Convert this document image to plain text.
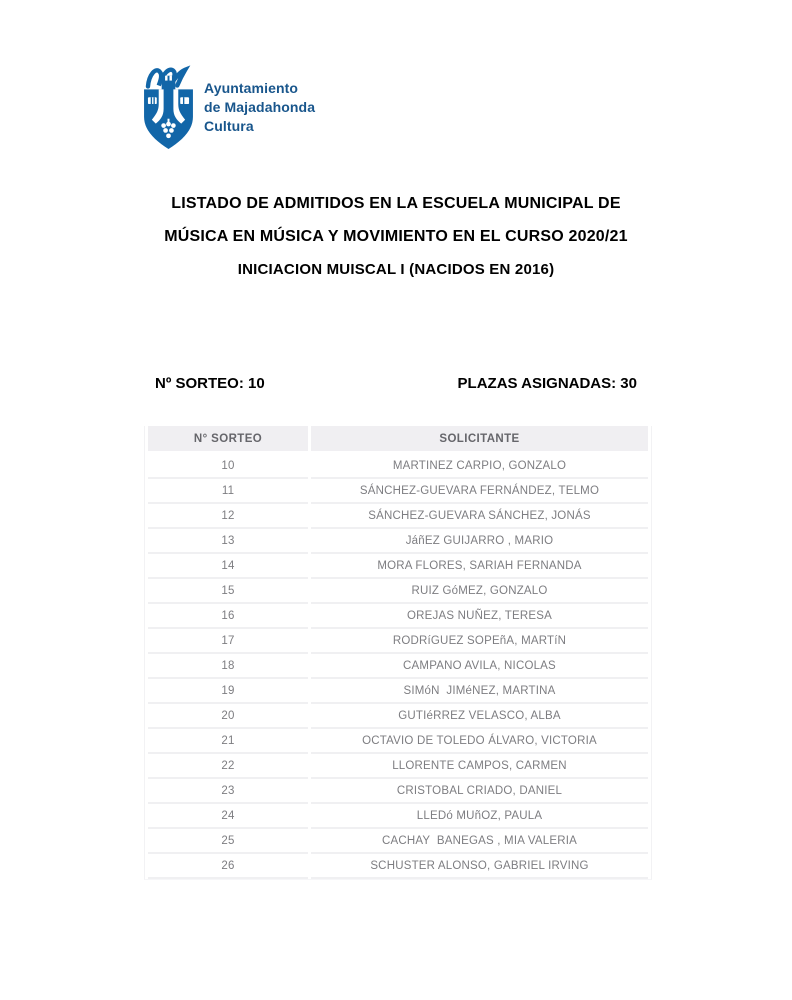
Ayuntamiento
de Majadahonda
Cultura
LISTADO DE ADMITIDOS EN LA ESCUELA MUNICIPAL DE
MÚSICA EN MÚSICA Y MOVIMIENTO EN EL CURSO 2020/21
INICIACION MUISCAL I (NACIDOS EN 2016)
Nº SORTEO: 10	PLAZAS ASIGNADAS: 30
N° SORTEO	SOLICITANTE
10	MARTINEZ CARPIO, GONZALO
11	SÁNCHEZ-GUEVARA FERNÁNDEZ, TELMO
12	SÁNCHEZ-GUEVARA SÁNCHEZ, JONÁS
13	JáñEZ GUIJARRO , MARIO
14	MORA FLORES, SARIAH FERNANDA
15	RUIZ GóMEZ, GONZALO
16	OREJAS NUÑEZ, TERESA
17	RODRíGUEZ SOPEñA, MARTíN
18	CAMPANO AVILA, NICOLAS
19	SIMóN  JIMéNEZ, MARTINA
20	GUTIéRREZ VELASCO, ALBA
21	OCTAVIO DE TOLEDO ÁLVARO, VICTORIA
22	LLORENTE CAMPOS, CARMEN
23	CRISTOBAL CRIADO, DANIEL
24	LLEDó MUñOZ, PAULA
25	CACHAY  BANEGAS , MIA VALERIA
26	SCHUSTER ALONSO, GABRIEL IRVING
